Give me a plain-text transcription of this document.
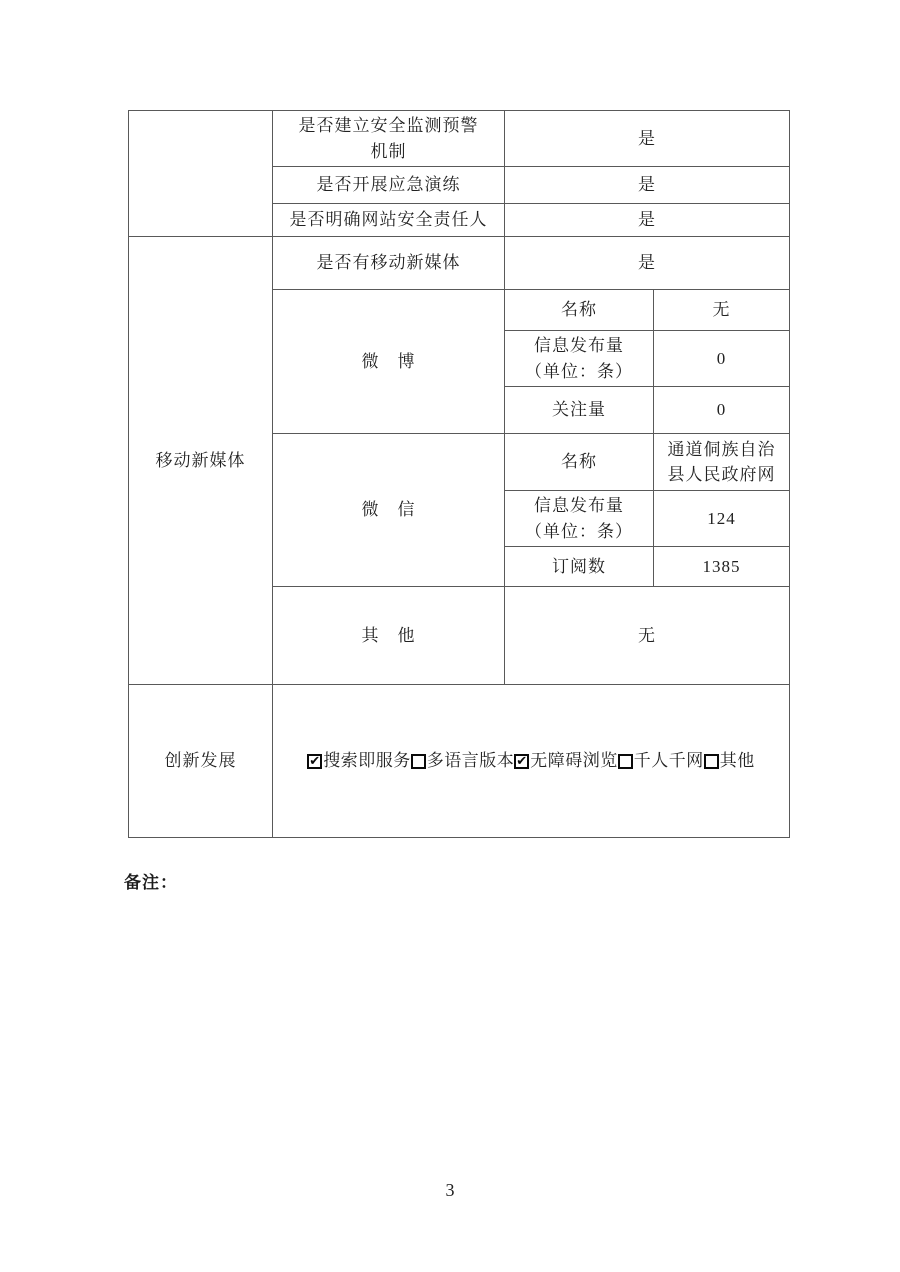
	是否建立安全监测预警
机制	是	
	是否开展应急演练	是	
	是否明确网站安全责任人	是	
移动新媒体	是否有移动新媒体	是	
	微　博	名称	无

		信息发布量
（单位：条）	0
		关注量	0
	微　信	名称	通道侗族自治
县人民政府网

		信息发布量
（单位：条）	124
		订阅数	1385
	其　他	无	
创新发展	✔ 搜索即服务 多语言版本 ✔ 无障碍浏览 千人千网 其他
备注：
3
